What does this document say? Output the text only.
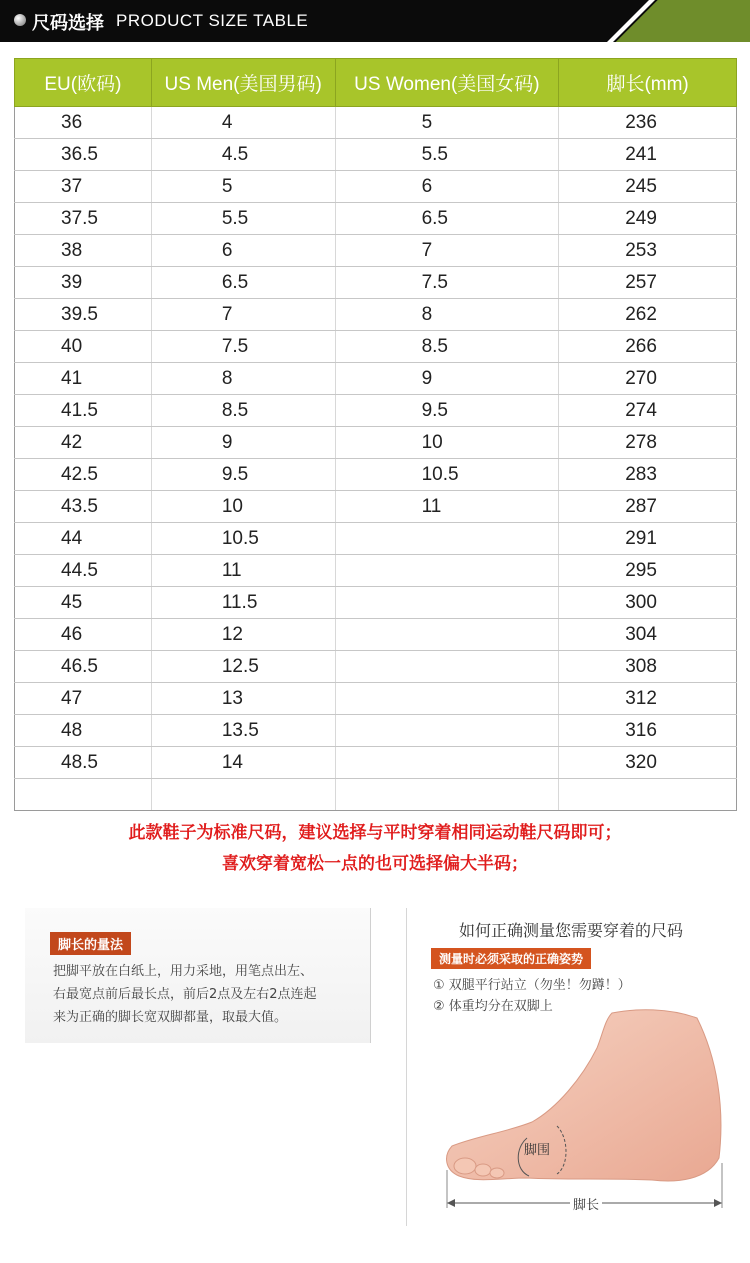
尺码选择 PRODUCT SIZE TABLE
EU(欧码)	US Men(美国男码)	US Women(美国女码)	脚长(mm)
36	4	5	236
36.5	4.5	5.5	241
37	5	6	245
37.5	5.5	6.5	249
38	6	7	253
39	6.5	7.5	257
39.5	7	8	262
40	7.5	8.5	266
41	8	9	270
41.5	8.5	9.5	274
42	9	10	278
42.5	9.5	10.5	283
43.5	10	11	287
44	10.5		291
44.5	11		295
45	11.5		300
46	12		304
46.5	12.5		308
47	13		312
48	13.5		316
48.5	14		320

此款鞋子为标准尺码，建议选择与平时穿着相同运动鞋尺码即可；
喜欢穿着宽松一点的也可选择偏大半码；
脚长的量法
把脚平放在白纸上，用力采地，用笔点出左、
右最宽点前后最长点，前后2点及左右2点连起
来为正确的脚长宽双脚都量，取最大值。
如何正确测量您需要穿着的尺码
测量时必须采取的正确姿势
① 双腿平行站立（勿坐！勿蹲！）
② 体重均分在双脚上
脚围
脚长
